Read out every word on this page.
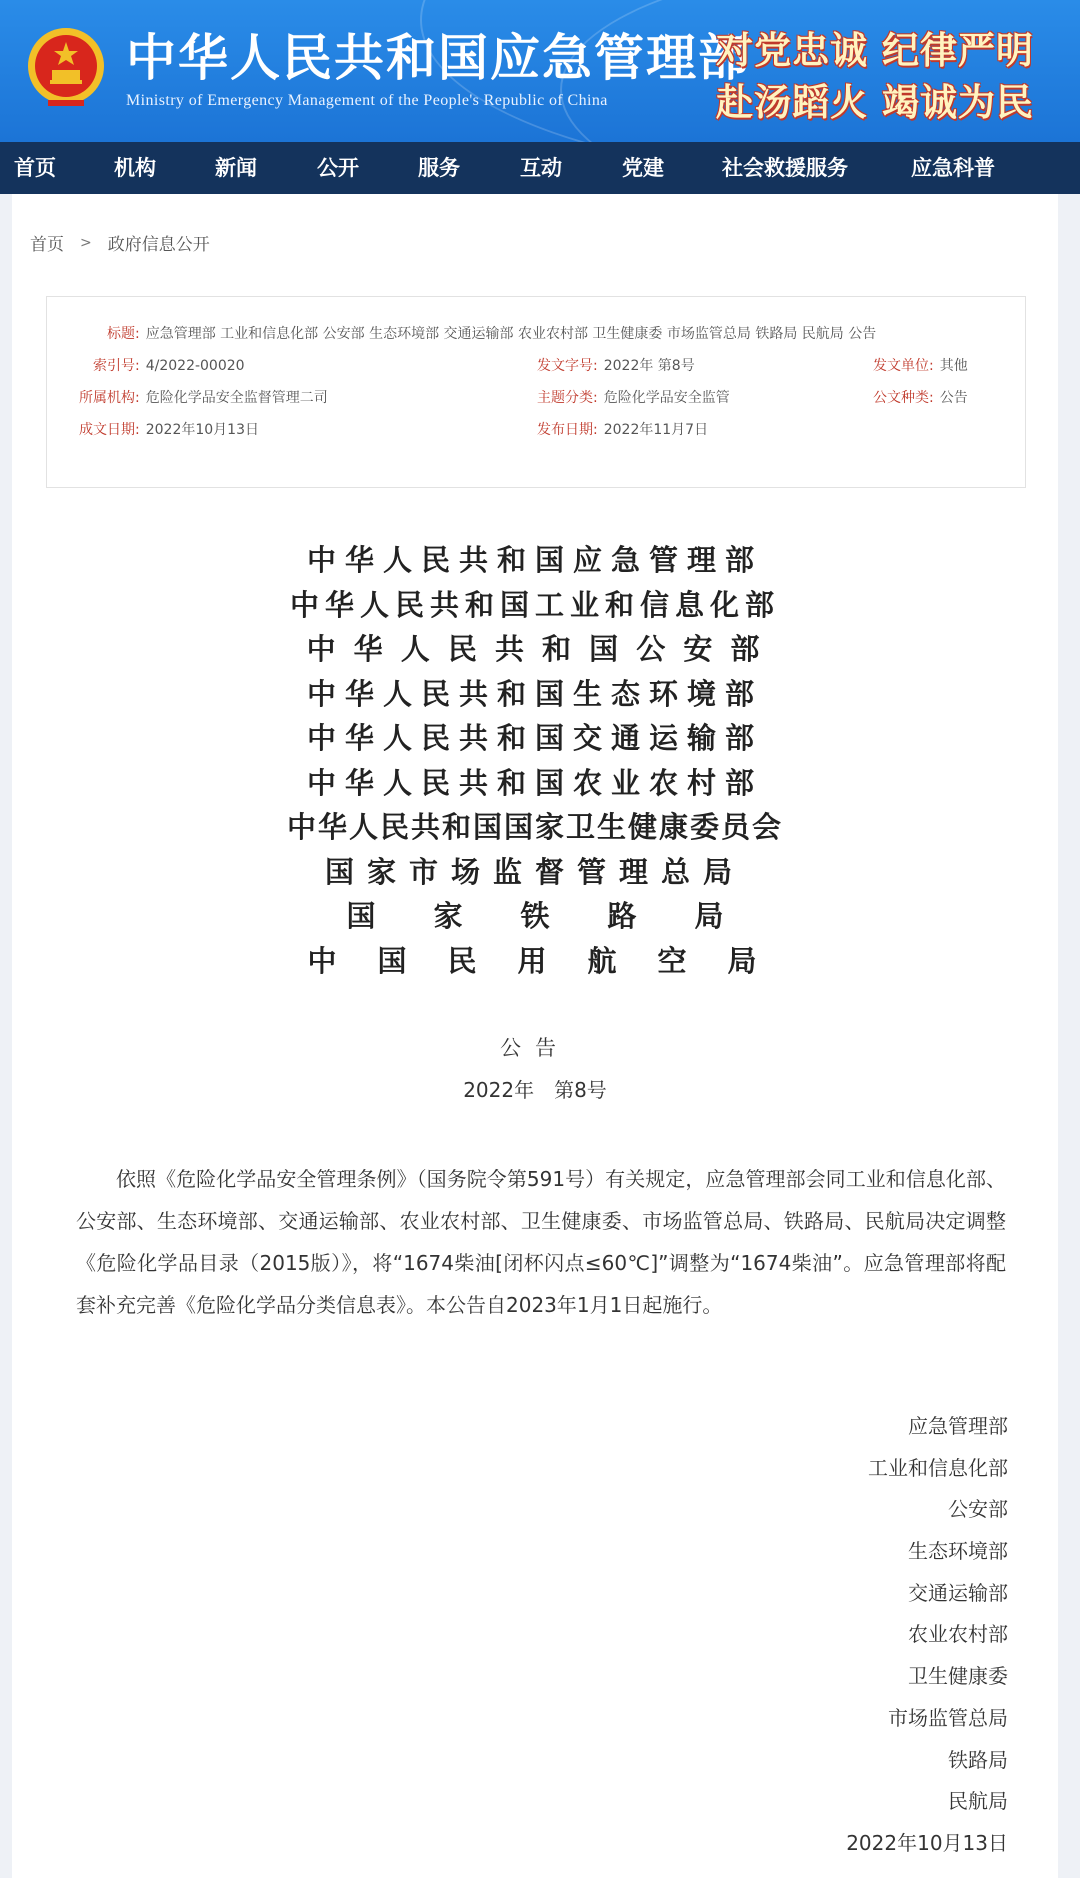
中华人民共和国应急管理部
Ministry of Emergency Management of the People's Republic of China
对党忠诚 纪律严明
赴汤蹈火 竭诚为民
首页	机构	新闻	公开	服务	互动	党建	社会救援服务	应急科普
首页 > 政府信息公开
标题: 应急管理部 工业和信息化部 公安部 生态环境部 交通运输部 农业农村部 卫生健康委 市场监管总局 铁路局 民航局 公告
索引号: 4/2022-00020	发文字号: 2022年 第8号	发文单位: 其他
所属机构: 危险化学品安全监督管理二司	主题分类: 危险化学品安全监管	公文种类: 公告
成文日期: 2022年10月13日	发布日期: 2022年11月7日
中华人民共和国应急管理部
中华人民共和国工业和信息化部
中 华 人 民 共 和 国 公 安 部
中华人民共和国生态环境部
中华人民共和国交通运输部
中华人民共和国农业农村部
中华人民共和国国家卫生健康委员会
国家市场监督管理总局
国　　家　　铁　　路　　局
中　国　民　用　航　空　局
公告
2022年　第8号
依照《危险化学品安全管理条例》（国务院令第591号）有关规定，应急管理部会同工业和信息化部、公安部、生态环境部、交通运输部、农业农村部、卫生健康委、市场监管总局、铁路局、民航局决定调整《危险化学品目录（2015版）》，将“1674柴油[闭杯闪点≤60℃]”调整为“1674柴油”。应急管理部将配套补充完善《危险化学品分类信息表》。本公告自2023年1月1日起施行。
应急管理部
工业和信息化部
公安部
生态环境部
交通运输部
农业农村部
卫生健康委
市场监管总局
铁路局
民航局
2022年10月13日
